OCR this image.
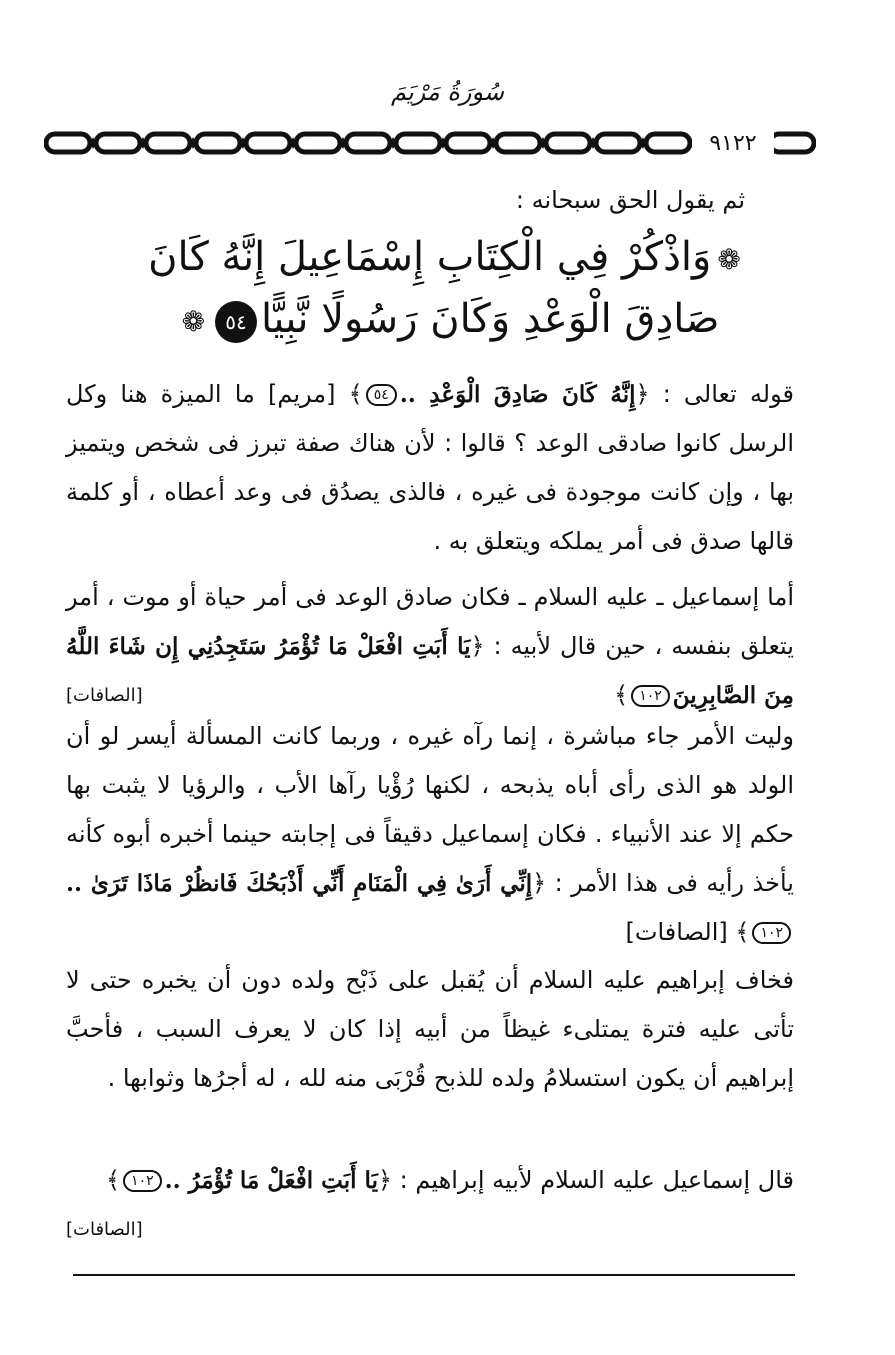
سُورَةُ مَرْيَمَ
٩١٢٢
ثم يقول الحق سبحانه :
❁وَاذْكُرْ فِي الْكِتَابِ إِسْمَاعِيلَ إِنَّهُ كَانَ
صَادِقَ الْوَعْدِ وَكَانَ رَسُولًا نَّبِيًّا٥٤❁

قوله تعالى : ﴿إِنَّهُ كَانَ صَادِقَ الْوَعْدِ ..٥٤﴾ [مريم] ما الميزة هنا وكل الرسل كانوا صادقى الوعد ؟ قالوا : لأن هناك صفة تبرز فى شخص ويتميز بها ، وإن كانت موجودة فى غيره ، فالذى يصدُق فى وعد أعطاه ، أو كلمة قالها صدق فى أمر يملكه ويتعلق به .

أما إسماعيل ـ عليه السلام ـ فكان صادق الوعد فى أمر حياة أو موت ، أمر يتعلق بنفسه ، حين قال لأبيه : ﴿يَا أَبَتِ افْعَلْ مَا تُؤْمَرُ سَتَجِدُنِي إِن شَاءَ اللَّهُ مِنَ الصَّابِرِينَ١٠٢﴾
[الصافات]

وليت الأمر جاء مباشرة ، إنما رآه غيره ، وربما كانت المسألة أيسر لو أن الولد هو الذى رأى أباه يذبحه ، لكنها رُؤْيا رآها الأب ، والرؤيا لا يثبت بها حكم إلا عند الأنبياء . فكان إسماعيل دقيقاً فى إجابته حينما أخبره أبوه كأنه يأخذ رأيه فى هذا الأمر : ﴿إِنِّي أَرَىٰ فِي الْمَنَامِ أَنِّي أَذْبَحُكَ فَانظُرْ مَاذَا تَرَىٰ ..١٠٢﴾ [الصافات]

فخاف إبراهيم عليه السلام أن يُقبل على ذَبْح ولده دون أن يخبره حتى لا تأتى عليه فترة يمتلىء غيظاً من أبيه إذا كان لا يعرف السبب ، فأحبَّ إبراهيم أن يكون استسلامُ ولده للذبح قُرْبَى منه لله ، له أجرُها وثوابها .

قال إسماعيل عليه السلام لأبيه إبراهيم : ﴿يَا أَبَتِ افْعَلْ مَا تُؤْمَرُ ..١٠٢﴾
[الصافات]
